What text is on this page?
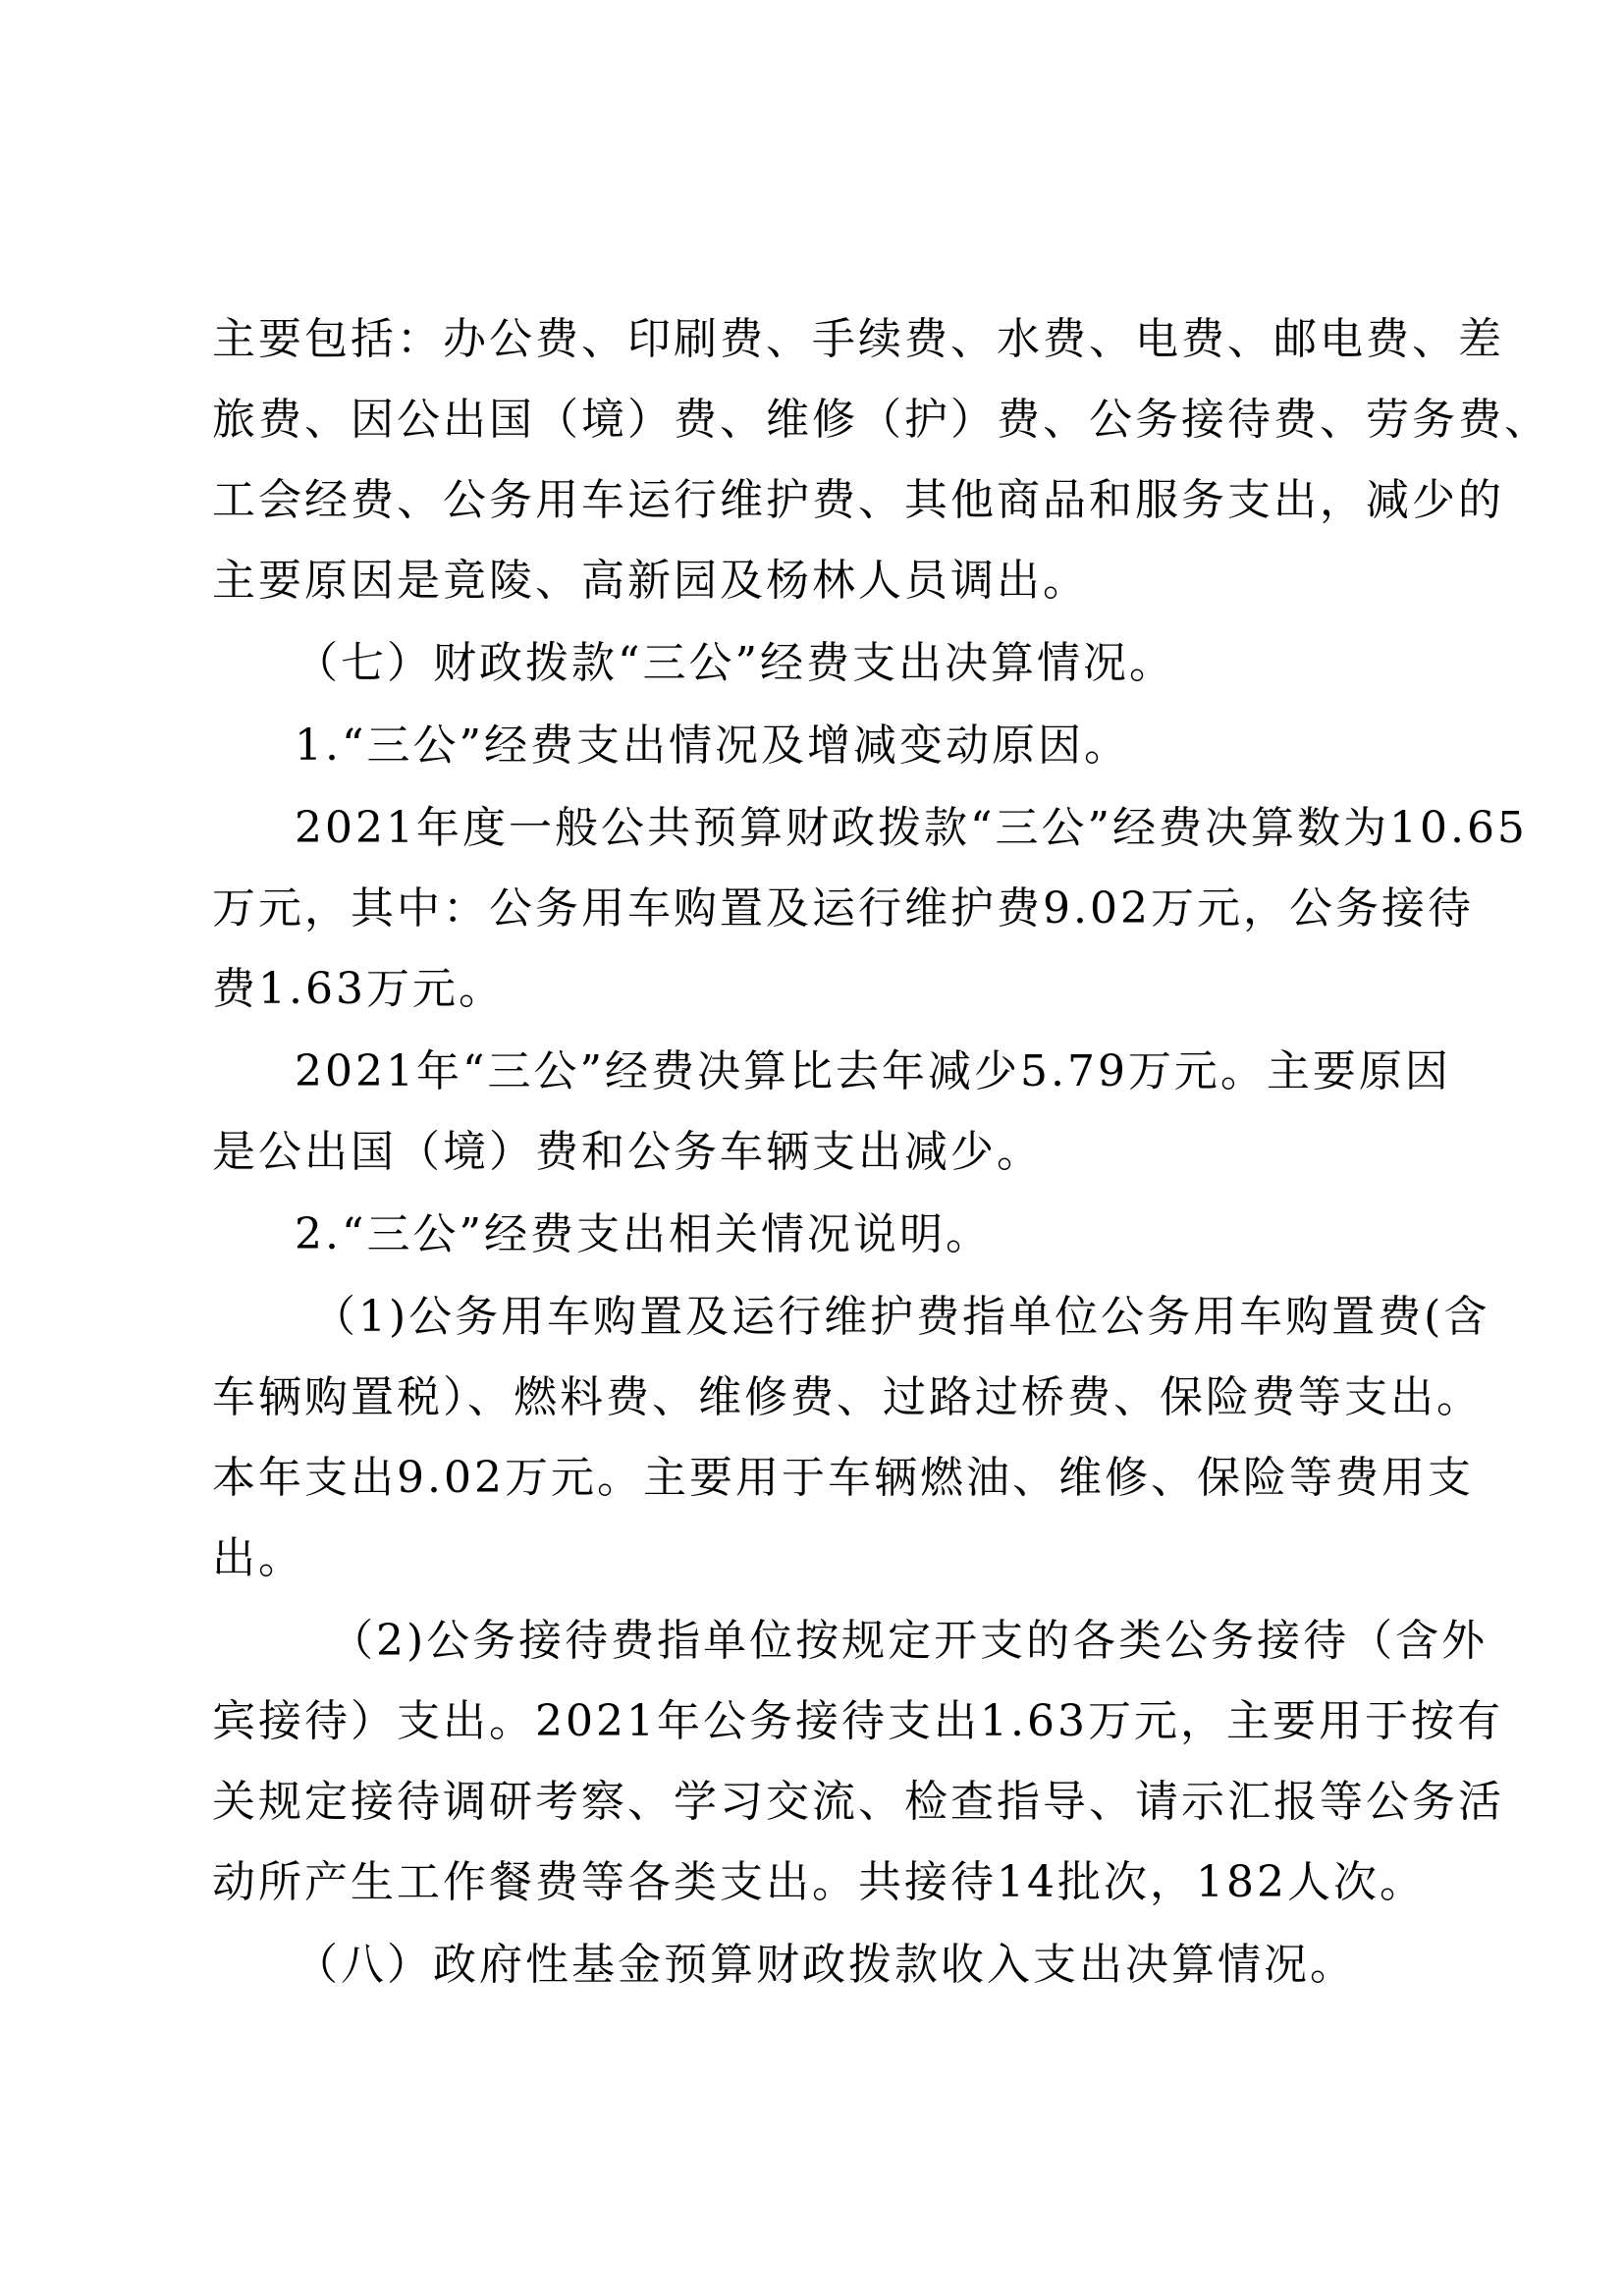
主要包括：办公费、印刷费、手续费、水费、电费、邮电费、差
旅费、因公出国（境）费、维修（护）费、公务接待费、劳务费、
工会经费、公务用车运行维护费、其他商品和服务支出，减少的
主要原因是竟陵、高新园及杨林人员调出。
（七）财政拨款“三公”经费支出决算情况。
1.“三公”经费支出情况及增减变动原因。
2021年度一般公共预算财政拨款“三公”经费决算数为10.65
万元，其中：公务用车购置及运行维护费9.02万元，公务接待
费1.63万元。
2021年“三公”经费决算比去年减少5.79万元。主要原因
是公出国（境）费和公务车辆支出减少。
2.“三公”经费支出相关情况说明。
（1)公务用车购置及运行维护费指单位公务用车购置费(含
车辆购置税）、燃料费、维修费、过路过桥费、保险费等支出。
本年支出9.02万元。主要用于车辆燃油、维修、保险等费用支
出。
（2)公务接待费指单位按规定开支的各类公务接待（含外
宾接待）支出。2021年公务接待支出1.63万元，主要用于按有
关规定接待调研考察、学习交流、检查指导、请示汇报等公务活
动所产生工作餐费等各类支出。共接待14批次，182人次。
（八）政府性基金预算财政拨款收入支出决算情况。
